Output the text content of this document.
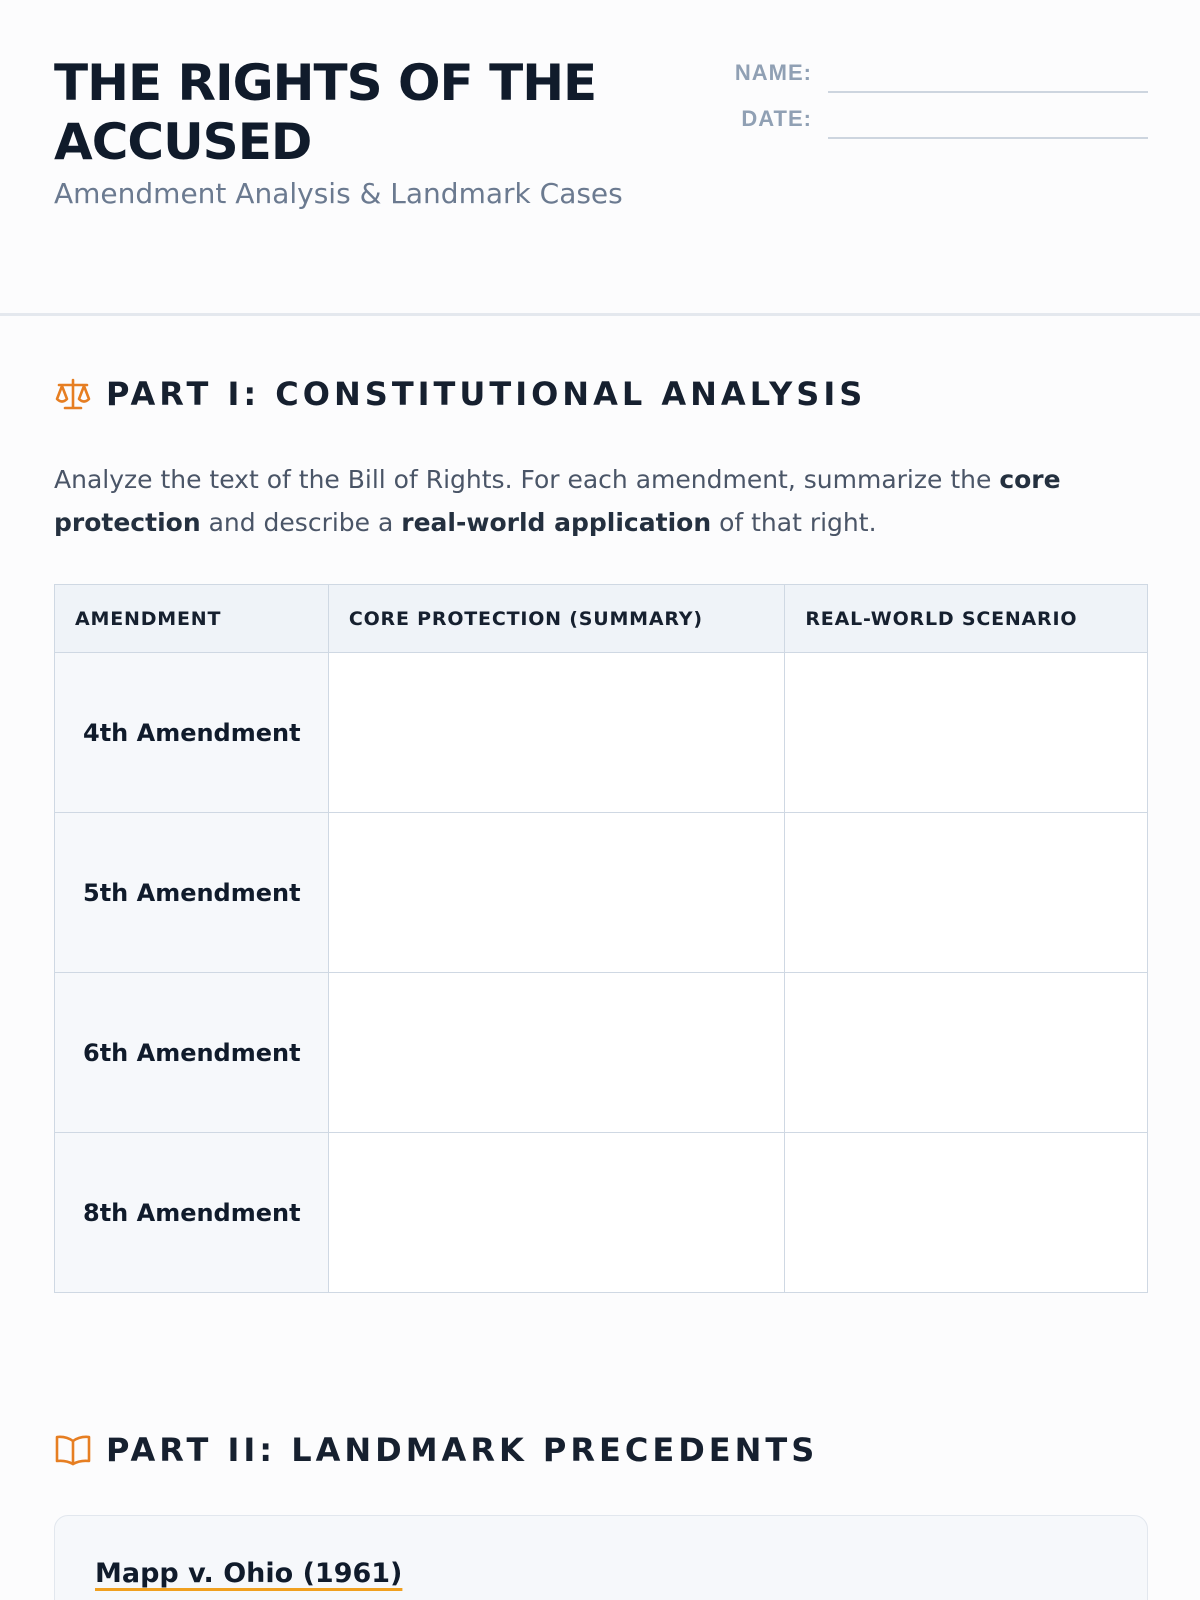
THE RIGHTS OF THE ACCUSED
Amendment Analysis & Landmark Cases
NAME:
DATE:
PART I: CONSTITUTIONAL ANALYSIS

Analyze the text of the Bill of Rights. For each amendment, summarize the core protection and describe a real-world application of that right.

AMENDMENT	CORE PROTECTION (SUMMARY)	REAL-WORLD SCENARIO
4th Amendment		
5th Amendment		
6th Amendment		
8th Amendment		
PART II: LANDMARK PRECEDENTS
Mapp v. Ohio (1961)
